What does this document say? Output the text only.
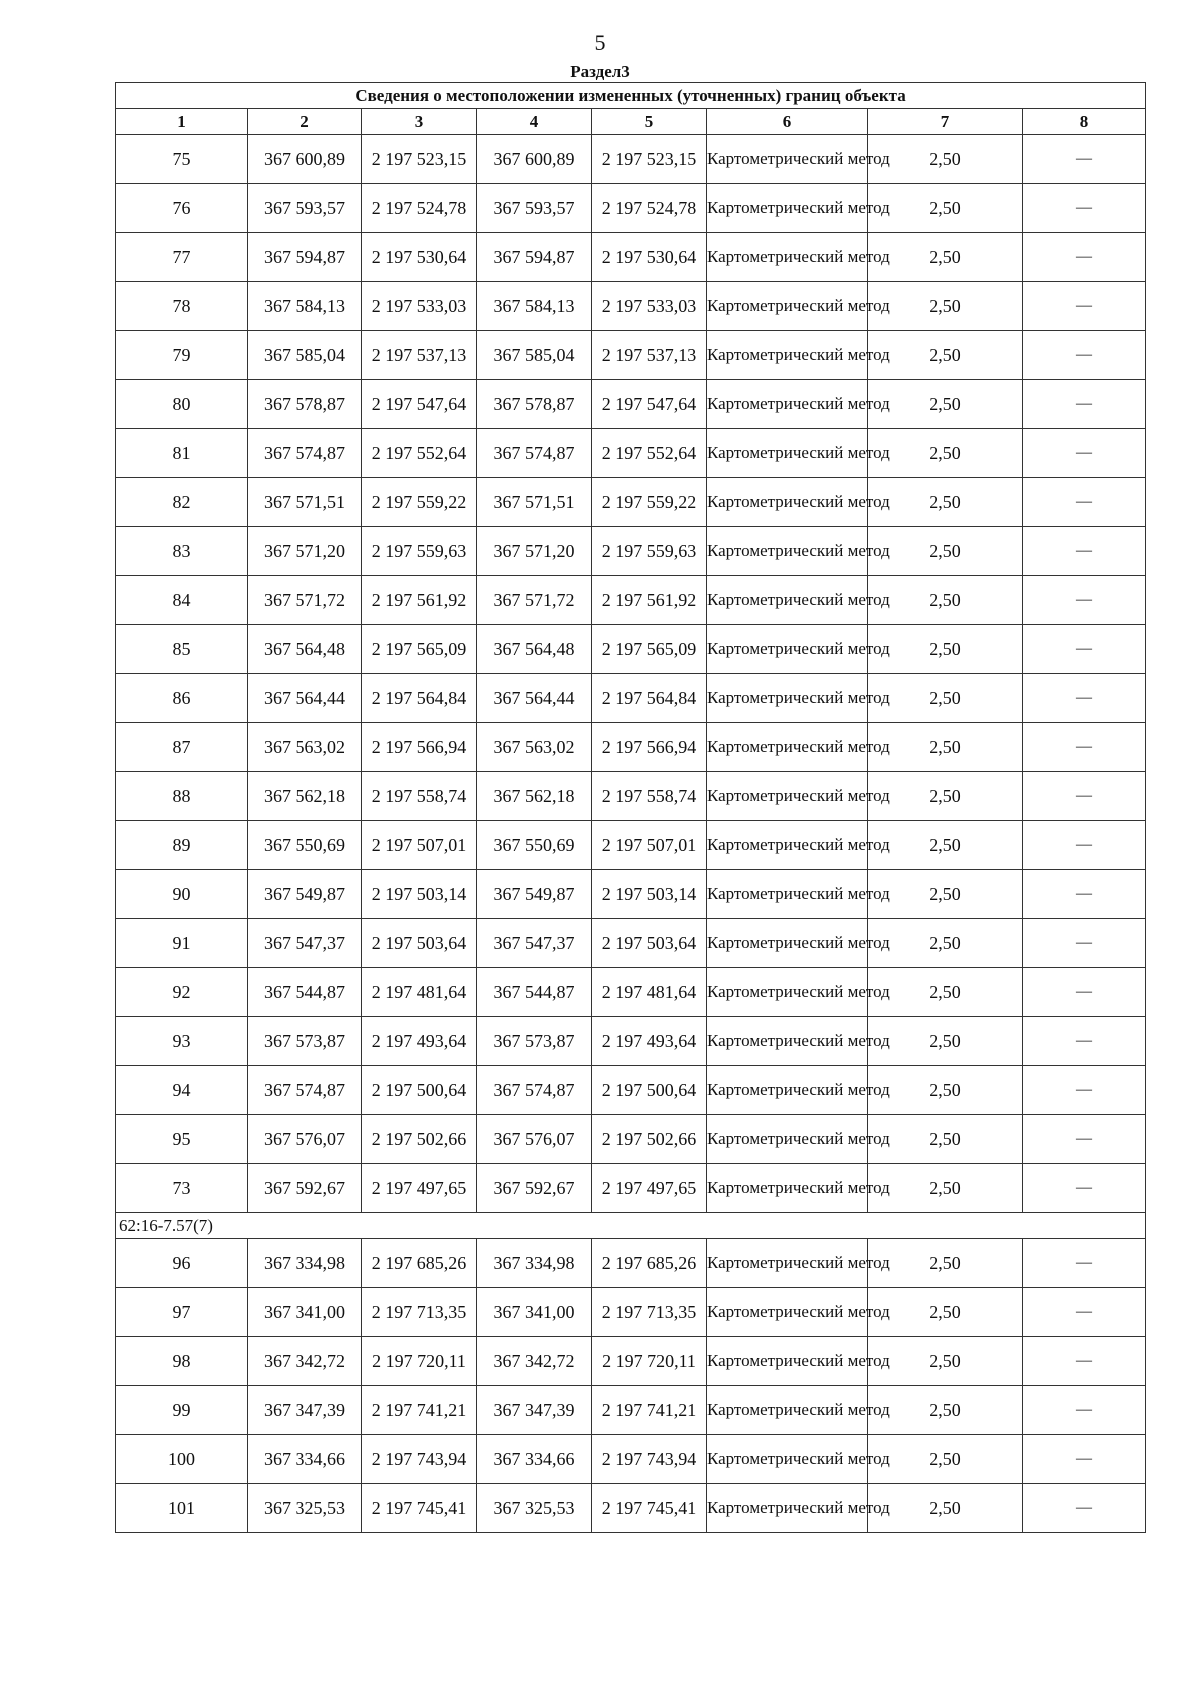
5
Раздел3
Сведения о местоположении измененных (уточненных) границ объекта							
1	2	3	4	5	6	7	8
75	367 600,89	2 197 523,15	367 600,89	2 197 523,15	Картометрический метод	2,50	—
76	367 593,57	2 197 524,78	367 593,57	2 197 524,78	Картометрический метод	2,50	—
77	367 594,87	2 197 530,64	367 594,87	2 197 530,64	Картометрический метод	2,50	—
78	367 584,13	2 197 533,03	367 584,13	2 197 533,03	Картометрический метод	2,50	—
79	367 585,04	2 197 537,13	367 585,04	2 197 537,13	Картометрический метод	2,50	—
80	367 578,87	2 197 547,64	367 578,87	2 197 547,64	Картометрический метод	2,50	—
81	367 574,87	2 197 552,64	367 574,87	2 197 552,64	Картометрический метод	2,50	—
82	367 571,51	2 197 559,22	367 571,51	2 197 559,22	Картометрический метод	2,50	—
83	367 571,20	2 197 559,63	367 571,20	2 197 559,63	Картометрический метод	2,50	—
84	367 571,72	2 197 561,92	367 571,72	2 197 561,92	Картометрический метод	2,50	—
85	367 564,48	2 197 565,09	367 564,48	2 197 565,09	Картометрический метод	2,50	—
86	367 564,44	2 197 564,84	367 564,44	2 197 564,84	Картометрический метод	2,50	—
87	367 563,02	2 197 566,94	367 563,02	2 197 566,94	Картометрический метод	2,50	—
88	367 562,18	2 197 558,74	367 562,18	2 197 558,74	Картометрический метод	2,50	—
89	367 550,69	2 197 507,01	367 550,69	2 197 507,01	Картометрический метод	2,50	—
90	367 549,87	2 197 503,14	367 549,87	2 197 503,14	Картометрический метод	2,50	—
91	367 547,37	2 197 503,64	367 547,37	2 197 503,64	Картометрический метод	2,50	—
92	367 544,87	2 197 481,64	367 544,87	2 197 481,64	Картометрический метод	2,50	—
93	367 573,87	2 197 493,64	367 573,87	2 197 493,64	Картометрический метод	2,50	—
94	367 574,87	2 197 500,64	367 574,87	2 197 500,64	Картометрический метод	2,50	—
95	367 576,07	2 197 502,66	367 576,07	2 197 502,66	Картометрический метод	2,50	—
73	367 592,67	2 197 497,65	367 592,67	2 197 497,65	Картометрический метод	2,50	—
62:16-7.57(7)							
96	367 334,98	2 197 685,26	367 334,98	2 197 685,26	Картометрический метод	2,50	—
97	367 341,00	2 197 713,35	367 341,00	2 197 713,35	Картометрический метод	2,50	—
98	367 342,72	2 197 720,11	367 342,72	2 197 720,11	Картометрический метод	2,50	—
99	367 347,39	2 197 741,21	367 347,39	2 197 741,21	Картометрический метод	2,50	—
100	367 334,66	2 197 743,94	367 334,66	2 197 743,94	Картометрический метод	2,50	—
101	367 325,53	2 197 745,41	367 325,53	2 197 745,41	Картометрический метод	2,50	—
